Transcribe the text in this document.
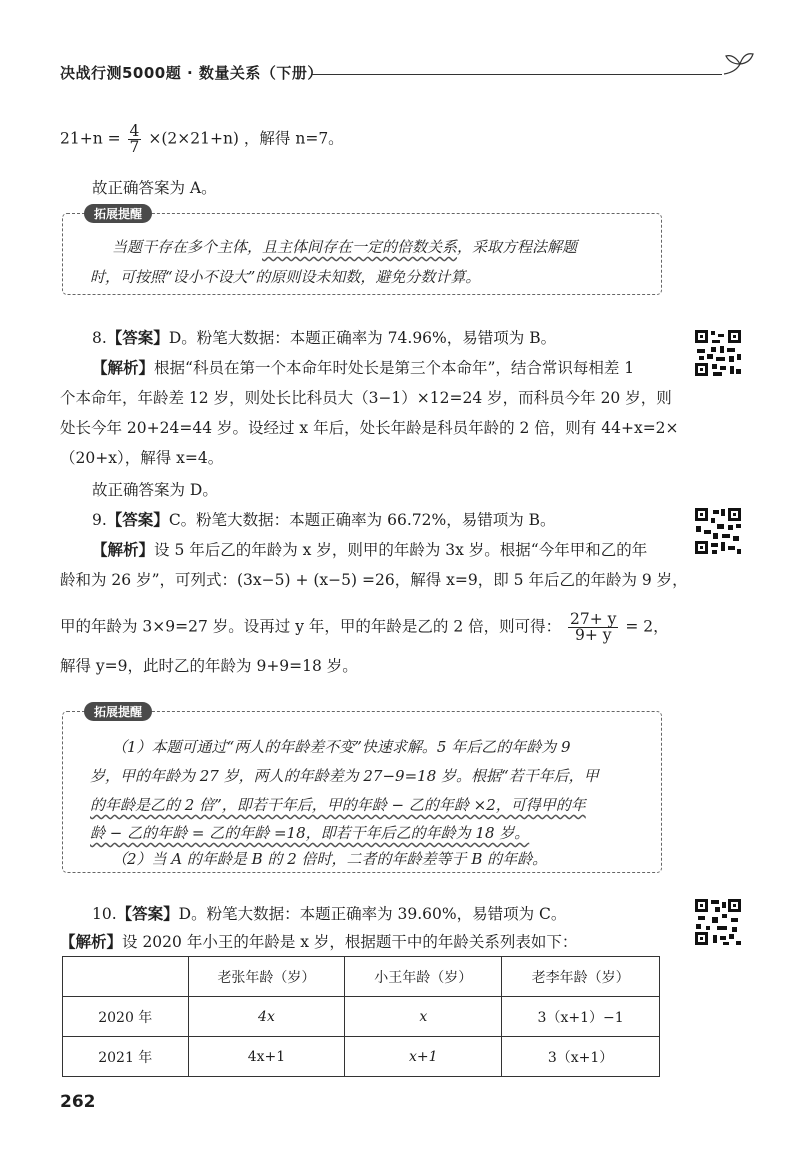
决战行测5000题 · 数量关系（下册）
$21+n = \frac{4}{7} \times(2\times 21+n)$ ，解得 n=7。
故正确答案为 A。
拓展提醒
当题干存在多个主体，且主体间存在一定的倍数关系，采取方程法解题
时，可按照“设小不设大”的原则设未知数，避免分数计算。
8.【答案】D。粉笔大数据：本题正确率为 74.96%，易错项为 B。
【解析】根据“科员在第一个本命年时处长是第三个本命年”，结合常识每相差 1
个本命年，年龄差 12 岁，则处长比科员大（3−1）×12=24 岁，而科员今年 20 岁，则
处长今年 20+24=44 岁。设经过 x 年后，处长年龄是科员年龄的 2 倍，则有 44+x=2×
（20+x），解得 x=4。
故正确答案为 D。
9.【答案】C。粉笔大数据：本题正确率为 66.72%，易错项为 B。
【解析】设 5 年后乙的年龄为 x 岁，则甲的年龄为 3x 岁。根据“今年甲和乙的年
龄和为 26 岁”，可列式：(3x−5) + (x−5) =26，解得 x=9，即 5 年后乙的年龄为 9 岁，
甲的年龄为 3×9=27 岁。设再过 y 年，甲的年龄是乙的 2 倍，则可得： $\frac{27+ y}{9+ y} = 2$，
解得 y=9，此时乙的年龄为 9+9=18 岁。
拓展提醒
（1）本题可通过“两人的年龄差不变”快速求解。5 年后乙的年龄为 9
岁，甲的年龄为 27 岁，两人的年龄差为 27−9=18 岁。根据“若干年后，甲
的年龄是乙的 2 倍”，即若干年后，甲的年龄 − 乙的年龄 ×2，可得甲的年
龄 − 乙的年龄 = 乙的年龄 =18，即若干年后乙的年龄为 18 岁。
（2）当 A 的年龄是 B 的 2 倍时，二者的年龄差等于 B 的年龄。
10.【答案】D。粉笔大数据：本题正确率为 39.60%，易错项为 C。
【解析】设 2020 年小王的年龄是 x 岁，根据题干中的年龄关系列表如下：
	老张年龄（岁）	小王年龄（岁）	老李年龄（岁）
2020 年	4x	x	3（x+1）−1
2021 年	4x+1	x+1	3（x+1）
262
